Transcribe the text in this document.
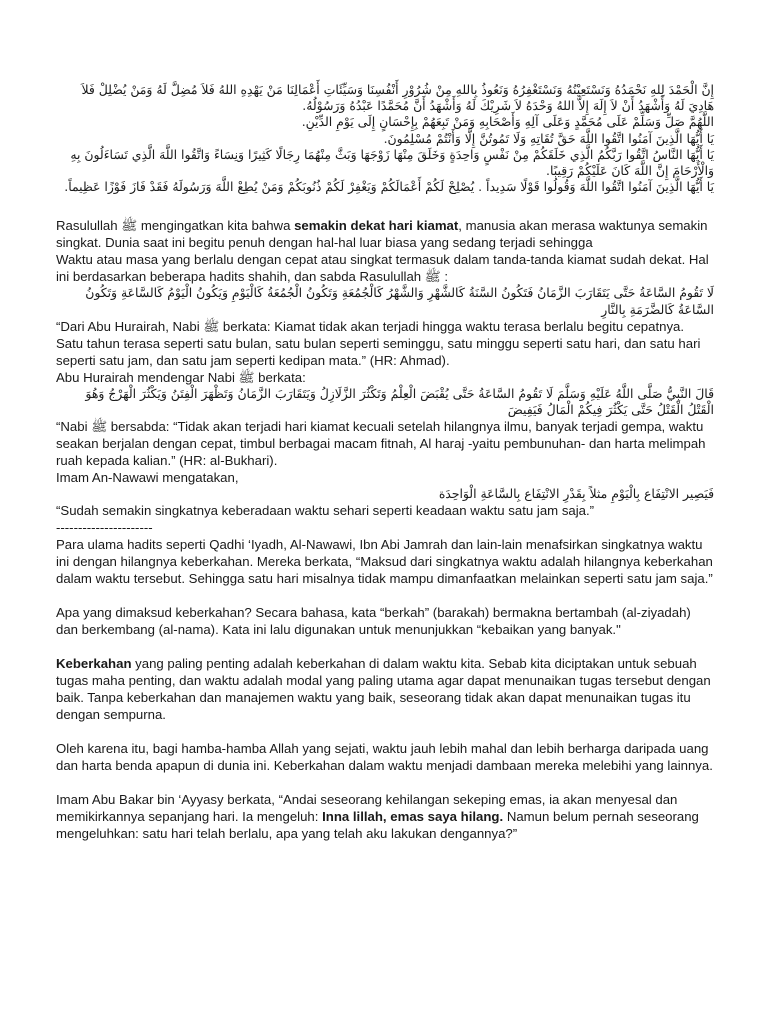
إِنَّ الْحَمْدَ لِلهِ نَحْمَدُهُ وَنَسْتَعِيْنُهُ وَنَسْتَغْفِرُهُ وَنَعُوذُ بِاللهِ مِنْ شُرُوْرِ أَنْفُسِنَا وَسَيِّئَاتِ أَعْمَالِنَا مَنْ يَهْدِهِ اللهُ فَلاَ مُضِلَّ لَهُ وَمَنْ يُضْلِلْ فَلاَ هَادِيَ لَهُ وَأَشْهَدُ أَنْ لاَ إِلَهَ إِلاَّ اللهُ وَحْدَهُ لاَ شَرِيْكَ لَهُ وَأَشْهَدُ أَنَّ مُحَمَّدًا عَبْدُهُ وَرَسُوْلُهُ.

اللَّهُمَّ صَلِّ وَسَلِّمْ عَلَى مُحَمَّدٍ وَعَلَى آلِهِ وَأَصْحَابِهِ وَمَنْ تَبِعَهُمْ بِإِحْسَانٍ إِلَى يَوْمِ الدِّيْنِ.

يَا أَيُّهَا الَّذِينَ آمَنُوا اتَّقُوا اللَّهَ حَقَّ تُقَاتِهِ وَلَا تَمُوتُنَّ إِلَّا وَأَنْتُمْ مُسْلِمُونَ.

يَا أَيُّهَا النَّاسُ اتَّقُوا رَبَّكُمُ الَّذِي خَلَقَكُمْ مِنْ نَفْسٍ وَاحِدَةٍ وَخَلَقَ مِنْهَا زَوْجَهَا وَبَثَّ مِنْهُمَا رِجَالًا كَثِيرًا وَنِسَاءً وَاتَّقُوا اللَّهَ الَّذِي تَسَاءَلُونَ بِهِ وَالْأَرْحَامَ إِنَّ اللَّهَ كَانَ عَلَيْكُمْ رَقِيبًا.

يَا أَيُّهَا الَّذِينَ آمَنُوا اتَّقُوا اللَّهَ وَقُولُوا قَوْلًا سَدِيداً . يُصْلِحْ لَكُمْ أَعْمَالَكُمْ وَيَغْفِرْ لَكُمْ ذُنُوبَكُمْ وَمَنْ يُطِعْ اللَّهَ وَرَسُولَهُ فَقَدْ فَازَ فَوْزًا عَظِيماً.

Rasulullah ﷺ mengingatkan kita bahwa semakin dekat hari kiamat, manusia akan merasa waktunya semakin singkat. Dunia saat ini begitu penuh dengan hal-hal luar biasa yang sedang terjadi sehingga

Waktu atau masa yang berlalu dengan cepat atau singkat termasuk dalam tanda-tanda kiamat sudah dekat. Hal ini berdasarkan beberapa hadits shahih, dan sabda Rasulullah ﷺ :

لَا تَقُومُ السَّاعَةُ حَتَّى يَتَقَارَبَ الزَّمَانُ فَتَكُونُ السَّنَةُ كَالشَّهْرِ وَالشَّهْرُ كَالْجُمُعَةِ وَتَكُونُ الْجُمُعَةُ كَالْيَوْمِ وَيَكُونُ الْيَوْمُ كَالسَّاعَةِ وَتَكُونُ السَّاعَةُ كَالضَّرَمَةِ بِالنَّارِ

“Dari Abu Hurairah, Nabi ﷺ berkata: Kiamat tidak akan terjadi hingga waktu terasa berlalu begitu cepatnya. Satu tahun terasa seperti satu bulan, satu bulan seperti seminggu, satu minggu seperti satu hari, dan satu hari seperti satu jam, dan satu jam seperti kedipan mata.” (HR: Ahmad).

Abu Hurairah mendengar Nabi ﷺ berkata:

قَالَ النَّبِيُّ صَلَّى اللَّهُ عَلَيْهِ وَسَلَّمَ لَا تَقُومُ السَّاعَةُ حَتَّى يُقْبَضَ الْعِلْمُ وَتَكْثُرَ الزَّلَازِلُ وَيَتَقَارَبَ الزَّمَانُ وَتَظْهَرَ الْفِتَنُ وَيَكْثُرَ الْهَرْجُ وَهُوَ الْقَتْلُ الْقَتْلُ حَتَّى يَكْثُرَ فِيكُمْ الْمَالُ فَيَفِيضَ

“Nabi ﷺ bersabda: “Tidak akan terjadi hari kiamat kecuali setelah hilangnya ilmu, banyak terjadi gempa, waktu seakan berjalan dengan cepat, timbul berbagai macam fitnah, Al haraj -yaitu pembunuhan- dan harta melimpah ruah kepada kalian.” (HR: al-Bukhari).

Imam An-Nawawi mengatakan,

فَيَصِير الانْتِفَاع بِالْيَوْمِ مثلاً بِقَدْرِ الانْتِفَاع بِالسَّاعَةِ الْوَاحِدَة

“Sudah semakin singkatnya keberadaan waktu sehari seperti keadaan waktu satu jam saja.”

----------------------

Para ulama hadits seperti Qadhi ‘Iyadh, Al-Nawawi, Ibn Abi Jamrah dan lain-lain menafsirkan singkatnya waktu ini dengan hilangnya keberkahan. Mereka berkata, “Maksud dari singkatnya waktu adalah hilangnya keberkahan dalam waktu tersebut. Sehingga satu hari misalnya tidak mampu dimanfaatkan melainkan seperti satu jam saja.”

Apa yang dimaksud keberkahan? Secara bahasa, kata “berkah” (barakah) bermakna bertambah (al-ziyadah) dan berkembang (al-nama). Kata ini lalu digunakan untuk menunjukkan “kebaikan yang banyak."

Keberkahan yang paling penting adalah keberkahan di dalam waktu kita. Sebab kita diciptakan untuk sebuah tugas maha penting, dan waktu adalah modal yang paling utama agar dapat menunaikan tugas tersebut dengan baik. Tanpa keberkahan dan manajemen waktu yang baik, seseorang tidak akan dapat menunaikan tugas itu dengan sempurna.

Oleh karena itu, bagi hamba-hamba Allah yang sejati, waktu jauh lebih mahal dan lebih berharga daripada uang dan harta benda apapun di dunia ini. Keberkahan dalam waktu menjadi dambaan mereka melebihi yang lainnya.

Imam Abu Bakar bin ‘Ayyasy berkata, “Andai seseorang kehilangan sekeping emas, ia akan menyesal dan memikirkannya sepanjang hari. Ia mengeluh: Inna lillah, emas saya hilang. Namun belum pernah seseorang mengeluhkan: satu hari telah berlalu, apa yang telah aku lakukan dengannya?”
